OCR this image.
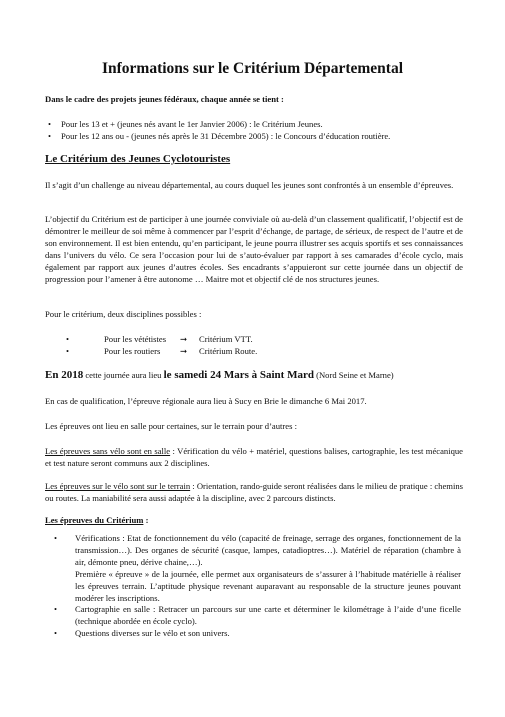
Informations sur le Critérium Départemental
Dans le cadre des projets jeunes fédéraux, chaque année se tient :
• Pour les 13 et + (jeunes nés avant le 1er Janvier 2006) : le Critérium Jeunes.
• Pour les 12 ans ou - (jeunes nés après le 31 Décembre 2005) : le Concours d’éducation routière.
Le Critérium des Jeunes Cyclotouristes

Il s’agit d’un challenge au niveau départemental, au cours duquel les jeunes sont confrontés à un ensemble d’épreuves.

L’objectif du Critérium est de participer à une journée conviviale où au-delà d’un classement qualificatif, l’objectif est de démontrer le meilleur de soi même à commencer par l’esprit d’échange, de partage, de sérieux, de respect de l’autre et de son environnement. Il est bien entendu, qu’en participant, le jeune pourra illustrer ses acquis sportifs et ses connaissances dans l’univers du vélo. Ce sera l’occasion pour lui de s’auto-évaluer par rapport à ses camarades d’école cyclo, mais également par rapport aux jeunes d’autres écoles. Ses encadrants s’appuieront sur cette journée dans un objectif de progression pour l’amener à être autonome … Maitre mot et objectif clé de nos structures jeunes.

Pour le critérium, deux disciplines possibles :

•	Pour les vététistes ➞ Critérium VTT.
•	Pour les routiers ➞ Critérium Route.
En 2018 cette journée aura lieu le samedi 24 Mars à Saint Mard (Nord Seine et Marne)

En cas de qualification, l’épreuve régionale aura lieu à Sucy en Brie le dimanche 6 Mai 2017.

Les épreuves ont lieu en salle pour certaines, sur le terrain pour d’autres :

Les épreuves sans vélo sont en salle : Vérification du vélo + matériel, questions balises, cartographie, les test mécanique et test nature seront communs aux 2 disciplines.

Les épreuves sur le vélo sont sur le terrain : Orientation, rando-guide seront réalisées dans le milieu de pratique : chemins ou routes. La maniabilité sera aussi adaptée à la discipline, avec 2 parcours distincts.

Les épreuves du Critérium :
• Vérifications : Etat de fonctionnement du vélo (capacité de freinage, serrage des organes, fonctionnement de la transmission…). Des organes de sécurité (casque, lampes, catadioptres…). Matériel de réparation (chambre à air, démonte pneu, dérive chaine,…).
Première « épreuve » de la journée, elle permet aux organisateurs de s’assurer à l’habitude matérielle à réaliser les épreuves terrain. L’aptitude physique revenant auparavant au responsable de la structure jeunes pouvant modérer les inscriptions.
• Cartographie en salle : Retracer un parcours sur une carte et déterminer le kilométrage à l’aide d’une ficelle (technique abordée en école cyclo).
• Questions diverses sur le vélo et son univers.
